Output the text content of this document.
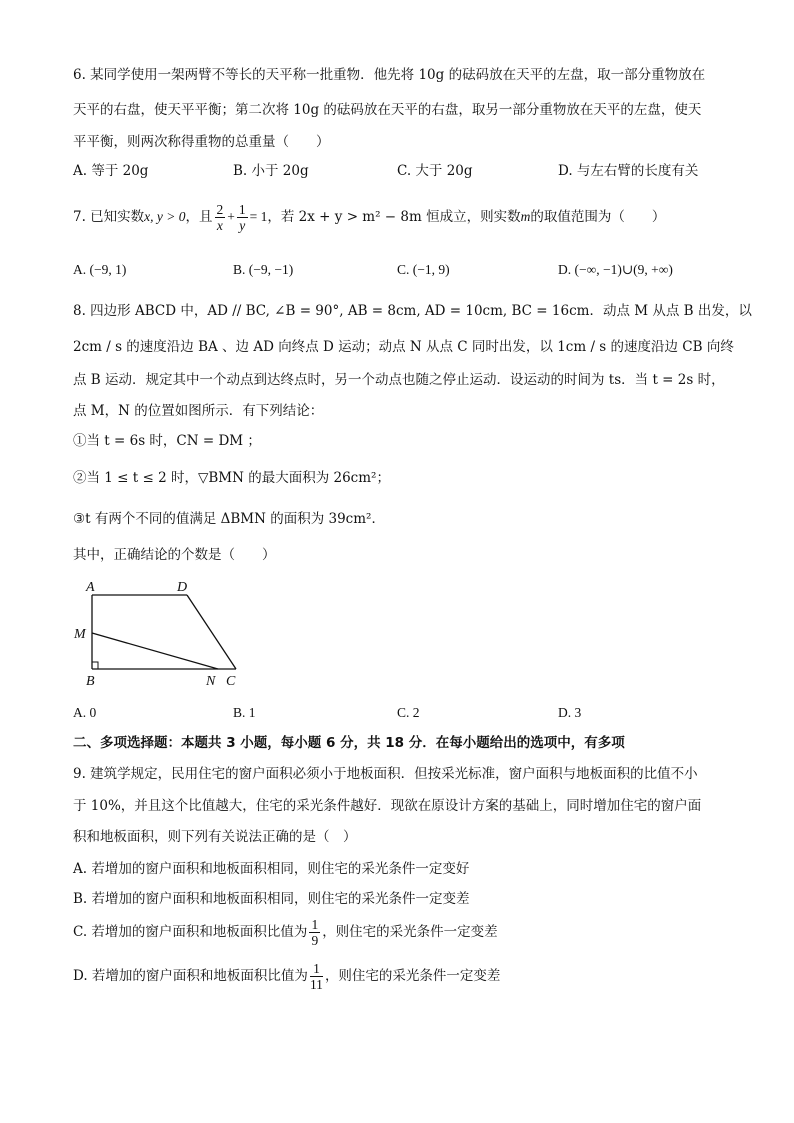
6. 某同学使用一架两臂不等长的天平称一批重物．他先将 10g 的砝码放在天平的左盘，取一部分重物放在
天平的右盘，使天平平衡；第二次将 10g 的砝码放在天平的右盘，取另一部分重物放在天平的左盘，使天
平平衡，则两次称得重物的总重量（　　）
A. 等于 20g	B. 小于 20g	C. 大于 20g	D. 与左右臂的长度有关
7. 已知实数x, y > 0，且 $\frac{2}{x} + \frac{1}{y} = 1$，若 2x + y > m² − 8m 恒成立，则实数m的取值范围为（　　）
A. (−9, 1)	B. (−9, −1)	C. (−1, 9)	D. (−∞, −1)∪(9, +∞)
8. 四边形 ABCD 中，AD // BC, ∠B = 90°, AB = 8cm, AD = 10cm, BC = 16cm．动点 M 从点 B 出发，以
2cm / s 的速度沿边 BA 、边 AD 向终点 D 运动；动点 N 从点 C 同时出发，以 1cm / s 的速度沿边 CB 向终
点 B 运动．规定其中一个动点到达终点时，另一个动点也随之停止运动．设运动的时间为 ts．当 t = 2s 时，
点 M，N 的位置如图所示．有下列结论：
①当 t = 6s 时，CN = DM ；
②当 1 ≤ t ≤ 2 时，▽BMN 的最大面积为 26cm²；
③t 有两个不同的值满足 ΔBMN 的面积为 39cm²．
其中，正确结论的个数是（　　）
A	D
M
B	N C
A. 0	B. 1	C. 2	D. 3
二、多项选择题：本题共 3 小题，每小题 6 分，共 18 分．在每小题给出的选项中，有多项
9. 建筑学规定，民用住宅的窗户面积必须小于地板面积．但按采光标准，窗户面积与地板面积的比值不小
于 10%，并且这个比值越大，住宅的采光条件越好．现欲在原设计方案的基础上，同时增加住宅的窗户面
积和地板面积，则下列有关说法正确的是（　）
A. 若增加的窗户面积和地板面积相同，则住宅的采光条件一定变好
B. 若增加的窗户面积和地板面积相同，则住宅的采光条件一定变差
C. 若增加的窗户面积和地板面积比值为 $\frac{1}{9}$ ，则住宅的采光条件一定变差
D. 若增加的窗户面积和地板面积比值为 $\frac{1}{11}$ ，则住宅的采光条件一定变差
